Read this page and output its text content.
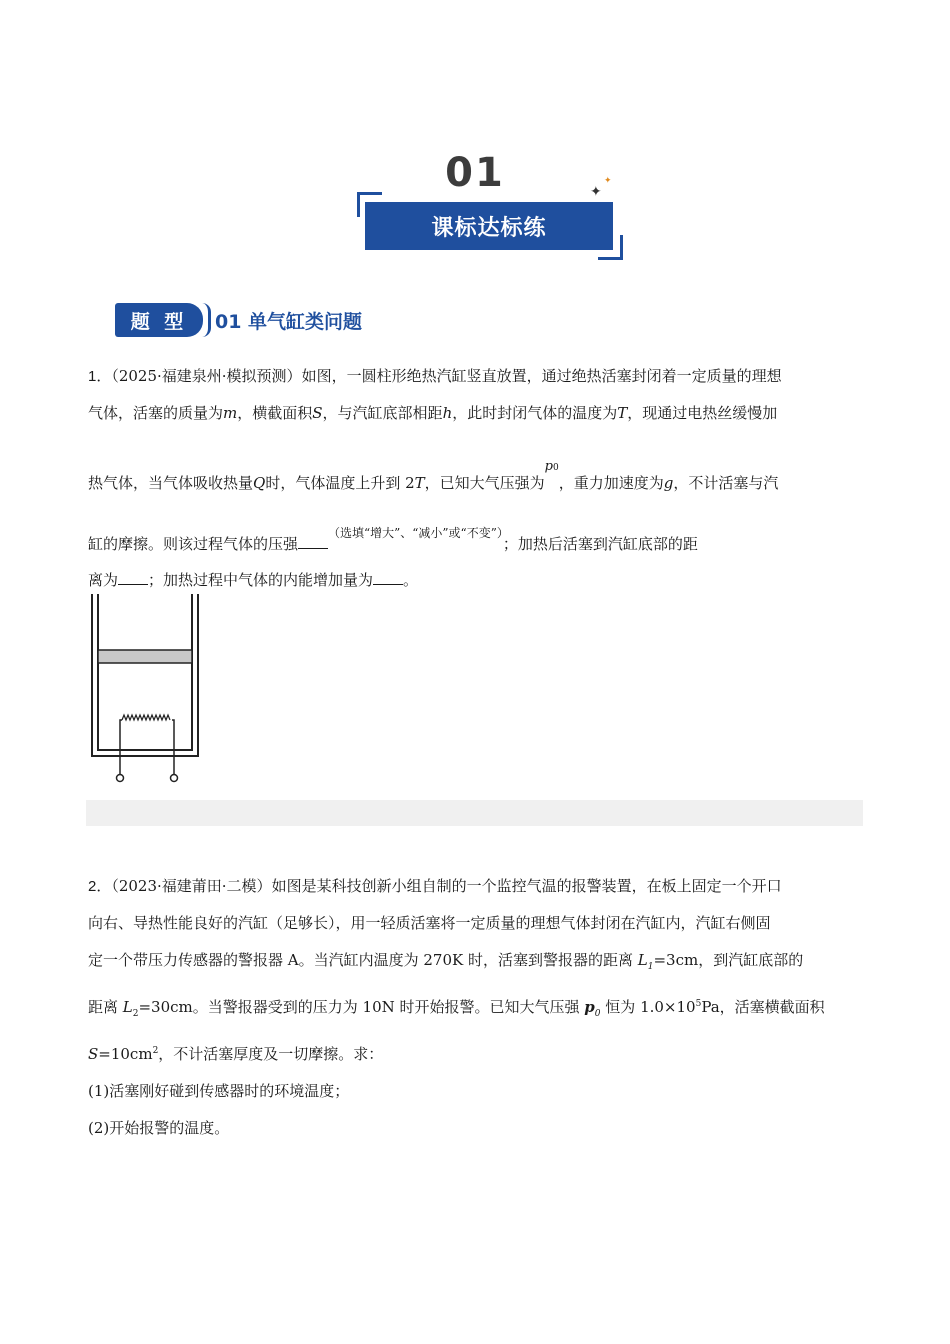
01
课标达标练
✦
✦
题 型	01 单气缸类问题

1．（2025·福建泉州·模拟预测）如图，一圆柱形绝热汽缸竖直放置，通过绝热活塞封闭着一定质量的理想

气体，活塞的质量为m，横截面积S，与汽缸底部相距h，此时封闭气体的温度为T，现通过电热丝缓慢加

热气体，当气体吸收热量Q时，气体温度上升到 2T，已知大气压强为$^{p0}$，重力加速度为g，不计活塞与汽

缸的摩擦。则该过程气体的压强$^{(选填“增大”、“减小”或“不变”)}$；加热后活塞到汽缸底部的距

离为 ；加热过程中气体的内能增加量为 。

2．（2023·福建莆田·二模）如图是某科技创新小组自制的一个监控气温的报警装置，在板上固定一个开口

向右、导热性能良好的汽缸（足够长），用一轻质活塞将一定质量的理想气体封闭在汽缸内，汽缸右侧固

定一个带压力传感器的警报器 A。当汽缸内温度为 270K 时，活塞到警报器的距离 $L_1=3cm$，到汽缸底部的

距离 $L_2=30cm$。当警报器受到的压力为 10N 时开始报警。已知大气压强 $p_0$ 恒为 $1.0\times 10^5Pa$，活塞横截面积

$S=10cm^2$，不计活塞厚度及一切摩擦。求：

(1)活塞刚好碰到传感器时的环境温度；

(2)开始报警的温度。
